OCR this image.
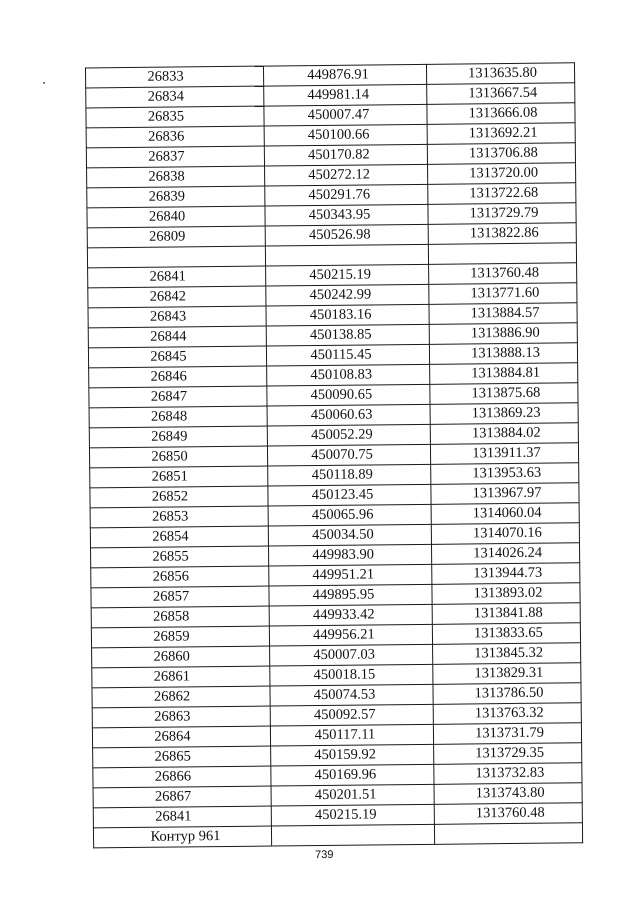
26833	449876.91	1313635.80
26834	449981.14	1313667.54
26835	450007.47	1313666.08
26836	450100.66	1313692.21
26837	450170.82	1313706.88
26838	450272.12	1313720.00
26839	450291.76	1313722.68
26840	450343.95	1313729.79
26809	450526.98	1313822.86

26841	450215.19	1313760.48
26842	450242.99	1313771.60
26843	450183.16	1313884.57
26844	450138.85	1313886.90
26845	450115.45	1313888.13
26846	450108.83	1313884.81
26847	450090.65	1313875.68
26848	450060.63	1313869.23
26849	450052.29	1313884.02
26850	450070.75	1313911.37
26851	450118.89	1313953.63
26852	450123.45	1313967.97
26853	450065.96	1314060.04
26854	450034.50	1314070.16
26855	449983.90	1314026.24
26856	449951.21	1313944.73
26857	449895.95	1313893.02
26858	449933.42	1313841.88
26859	449956.21	1313833.65
26860	450007.03	1313845.32
26861	450018.15	1313829.31
26862	450074.53	1313786.50
26863	450092.57	1313763.32
26864	450117.11	1313731.79
26865	450159.92	1313729.35
26866	450169.96	1313732.83
26867	450201.51	1313743.80
26841	450215.19	1313760.48
Контур 961		
739
